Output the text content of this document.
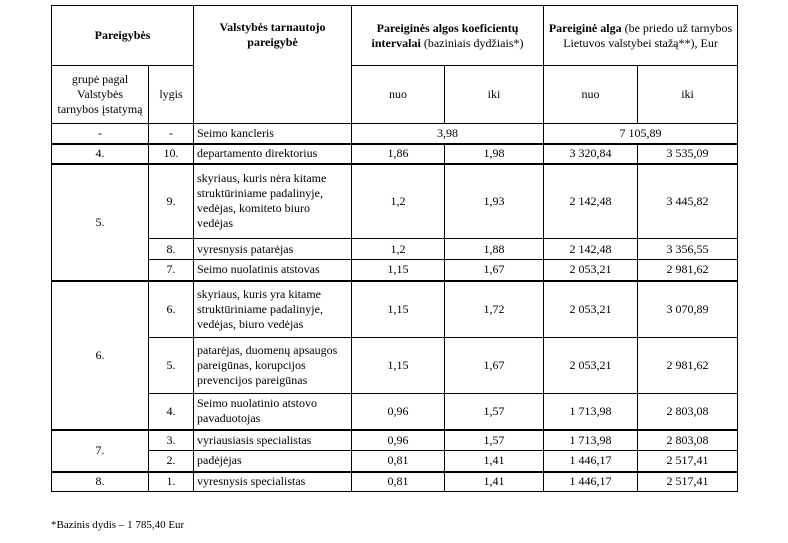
Pareigybės		Valstybės tarnautojo pareigybė	Pareiginės algos koeficientų intervalai (baziniais dydžiais*)		Pareiginė alga (be priedo už tarnybos Lietuvos valstybei stažą**), Eur	
grupė pagal Valstybės tarnybos įstatymą	lygis		nuo	iki	nuo	iki
-	-	Seimo kancleris	3,98		7 105,89	
4.	10.	departamento direktorius	1,86	1,98	3 320,84	3 535,09
5.	9.	skyriaus, kuris nėra kitame struktūriniame padalinyje, vedėjas, komiteto biuro vedėjas	1,2	1,93	2 142,48	3 445,82
	8.	vyresnysis patarėjas	1,2	1,88	2 142,48	3 356,55
	7.	Seimo nuolatinis atstovas	1,15	1,67	2 053,21	2 981,62
6.	6.	skyriaus, kuris yra kitame struktūriniame padalinyje, vedėjas, biuro vedėjas	1,15	1,72	2 053,21	3 070,89
	5.	patarėjas, duomenų apsaugos pareigūnas, korupcijos prevencijos pareigūnas	1,15	1,67	2 053,21	2 981,62
	4.	Seimo nuolatinio atstovo pavaduotojas	0,96	1,57	1 713,98	2 803,08
7.	3.	vyriausiasis specialistas	0,96	1,57	1 713,98	2 803,08
	2.	padėjėjas	0,81	1,41	1 446,17	2 517,41
8.	1.	vyresnysis specialistas	0,81	1,41	1 446,17	2 517,41
*Bazinis dydis – 1 785,40 Eur
